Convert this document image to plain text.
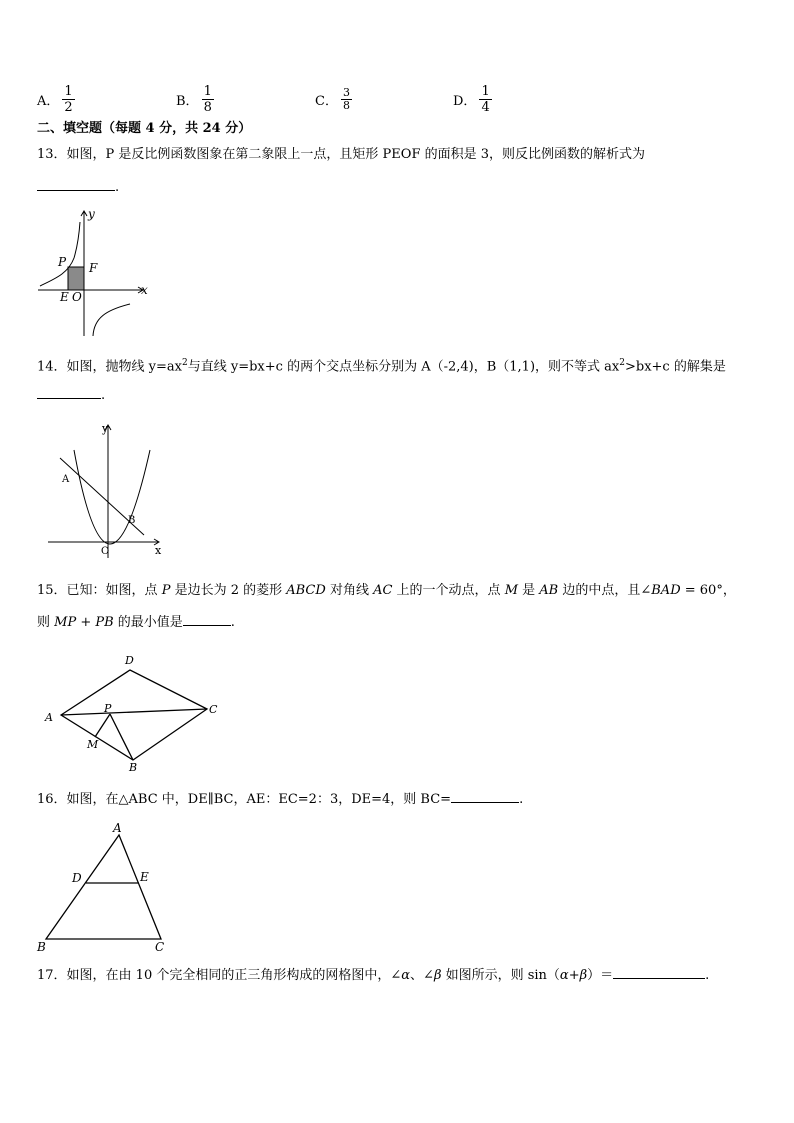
A． $\frac{1}{2}$	B． $\frac{1}{8}$	C． $\frac{3}{8}$	D． $\frac{1}{4}$
二、填空题（每题 4 分，共 24 分）
13．如图，P 是反比例函数图象在第二象限上一点，且矩形 PEOF 的面积是 3，则反比例函数的解析式为
.
y
x
P F
E O
14．如图，抛物线 $y=ax^2$与直线 y=bx+c 的两个交点坐标分别为 A（-2,4)，B（1,1)，则不等式 $ax^2>bx+c$ 的解集是
.
y
x
A
B
O
15．已知：如图，点 P 是边长为 2 的菱形 ABCD 对角线 AC 上的一个动点，点 M 是 AB 边的中点，且∠BAD = 60°，
则 MP + PB 的最小值是	.
D
A
C
P
M
B
16．如图，在△ABC 中，DE∥BC，AE：EC=2：3，DE=4，则 BC=	.
A
D	E
B	C
17．如图，在由 10 个完全相同的正三角形构成的网格图中，∠α、∠β 如图所示，则 sin（α+β）＝	.
